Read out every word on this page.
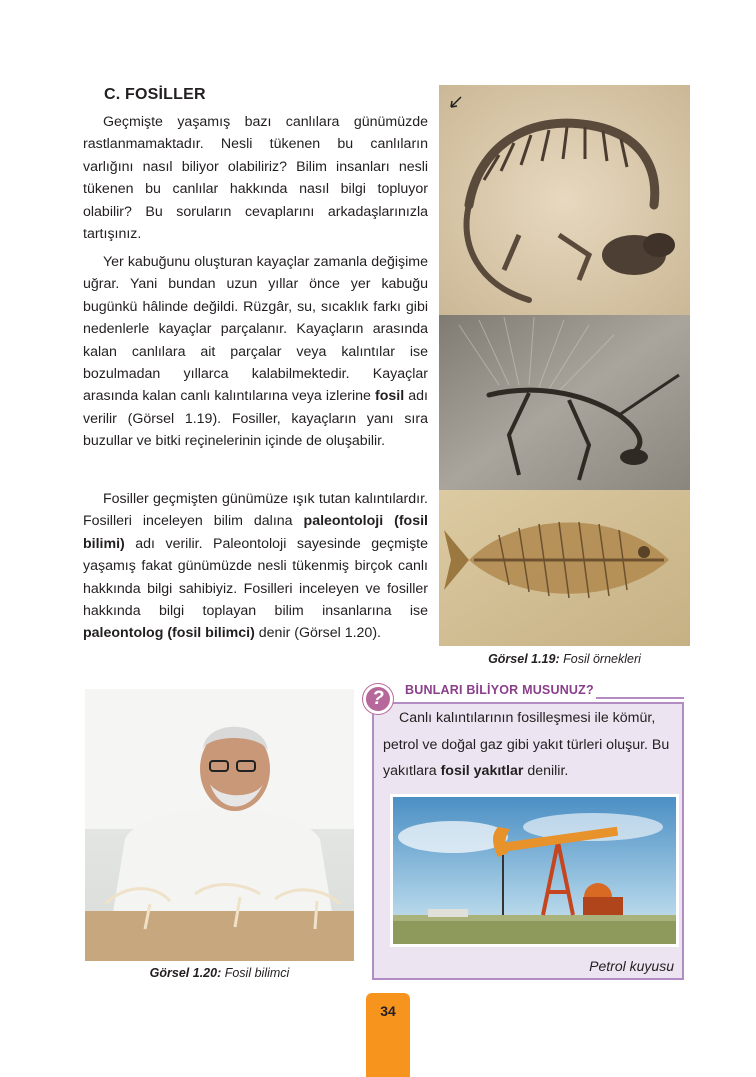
C. FOSİLLER
Geçmişte yaşamış bazı canlılara günümüzde rastlanmamaktadır. Nesli tükenen bu canlıların varlığını nasıl biliyor olabiliriz? Bilim insanları nesli tükenen bu canlılar hakkında nasıl bilgi topluyor olabilir? Bu soruların cevaplarını arkadaşlarınızla tartışınız.
Yer kabuğunu oluşturan kayaçlar zamanla değişime uğrar. Yani bundan uzun yıllar önce yer kabuğu bugünkü hâlinde değildi. Rüzgâr, su, sıcaklık farkı gibi nedenlerle kayaçlar parçalanır. Kayaçların arasında kalan canlılara ait parçalar veya kalıntılar ise bozulmadan yıllarca kalabilmektedir. Kayaçlar arasında kalan canlı kalıntılarına veya izlerine fosil adı verilir (Görsel 1.19). Fosiller, kayaçların yanı sıra buzullar ve bitki reçinelerinin içinde de oluşabilir.
Fosiller geçmişten günümüze ışık tutan kalıntılardır. Fosilleri inceleyen bilim dalına paleontoloji (fosil bilimi) adı verilir. Paleontoloji sayesinde geçmişte yaşamış fakat günümüzde nesli tükenmiş birçok canlı hakkında bilgi sahibiyiz. Fosilleri inceleyen ve fosiller hakkında bilgi toplayan bilim insanlarına ise paleontolog (fosil bilimci) denir (Görsel 1.20).
Görsel 1.19: Fosil örnekleri
Görsel 1.20: Fosil bilimci
BUNLARI BİLİYOR MUSUNUZ?
?
Canlı kalıntılarının fosilleşmesi ile kömür, petrol ve doğal gaz gibi yakıt türleri oluşur. Bu yakıtlara fosil yakıtlar denilir.
Petrol kuyusu
34
